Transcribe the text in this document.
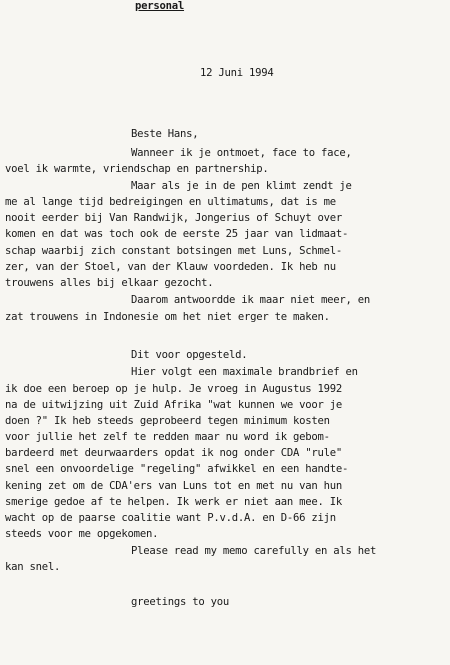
personal
12 Juni 1994
Beste Hans,
Wanneer ik je ontmoet, face to face,
voel ik warmte, vriendschap en partnership.
Maar als je in de pen klimt zendt je
me al lange tijd bedreigingen en ultimatums, dat is me
nooit eerder bij Van Randwijk, Jongerius of Schuyt over
komen en dat was toch ook de eerste 25 jaar van lidmaat-
schap waarbij zich constant botsingen met Luns, Schmel-
zer, van der Stoel, van der Klauw voordeden. Ik heb nu
trouwens alles bij elkaar gezocht.
Daarom antwoordde ik maar niet meer, en
zat trouwens in Indonesie om het niet erger te maken.
Dit voor opgesteld.
Hier volgt een maximale brandbrief en
ik doe een beroep op je hulp. Je vroeg in Augustus 1992
na de uitwijzing uit Zuid Afrika "wat kunnen we voor je
doen ?" Ik heb steeds geprobeerd tegen minimum kosten
voor jullie het zelf te redden maar nu word ik gebom-
bardeerd met deurwaarders opdat ik nog onder CDA "rule"
snel een onvoordelige "regeling" afwikkel en een handte-
kening zet om de CDA'ers van Luns tot en met nu van hun
smerige gedoe af te helpen. Ik werk er niet aan mee. Ik
wacht op de paarse coalitie want P.v.d.A. en D-66 zijn
steeds voor me opgekomen.
Please read my memo carefully en als het
kan snel.
greetings to you
